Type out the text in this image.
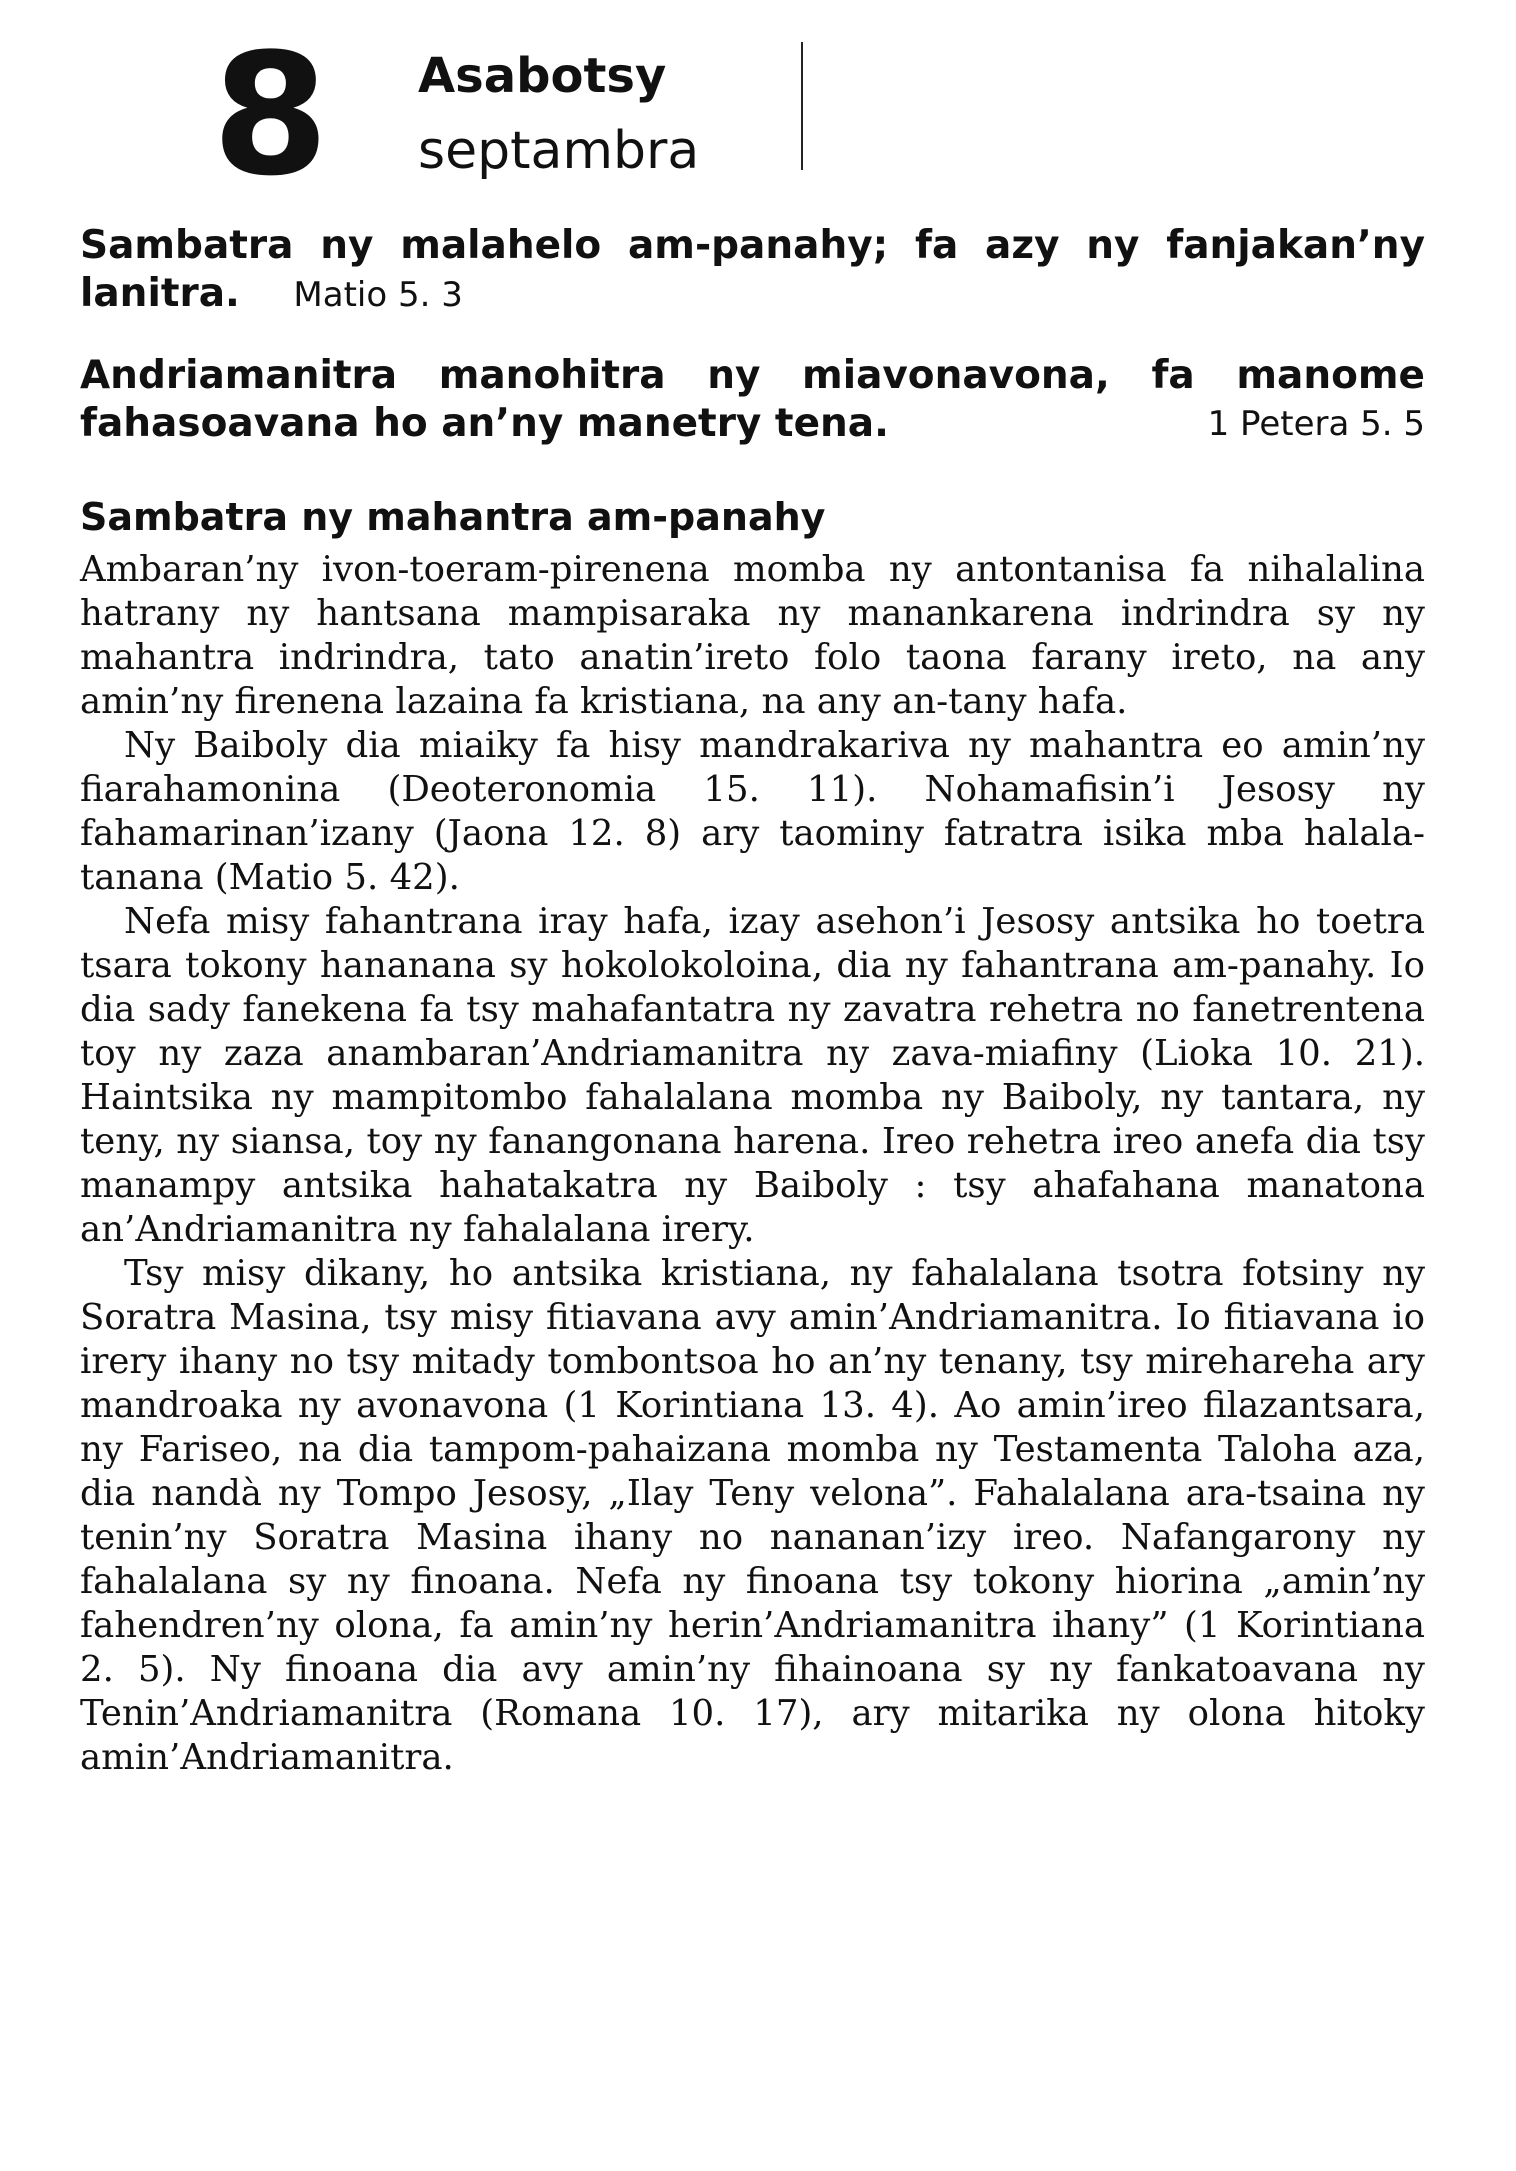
8 Asabotsy
septambra
Sambatra ny malahelo am-panahy; fa azy ny fanjakan’ny lanitra. Matio 5. 3
Andriamanitra manohitra ny miavonavona, fa manome fahasoavana ho an’ny manetry tena.	1 Petera 5. 5
Sambatra ny mahantra am-panahy

Ambaran’ny ivon-toeram-pirenena momba ny antontanisa fa nihalalina hatrany ny hantsana mampisaraka ny manankarena indrindra sy ny mahantra indrindra, tato anatin’ireto folo taona farany ireto, na any amin’ny firenena lazaina fa kristiana, na any an-tany hafa.

Ny Baiboly dia miaiky fa hisy mandrakariva ny mahantra eo amin’ny fiarahamonina (Deoteronomia 15. 11). Nohamafisin’i Jesosy ny fahamarinan’izany (Jaona 12. 8) ary taominy fatratra isika mba halala-tanana (Matio 5. 42).

Nefa misy fahantrana iray hafa, izay asehon’i Jesosy antsika ho toetra tsara tokony hananana sy hokolokoloina, dia ny fahantrana am-panahy. Io dia sady fanekena fa tsy mahafantatra ny zavatra rehetra no fanetrentena toy ny zaza anambaran’Andriamanitra ny zava-miafiny (Lioka 10. 21). Haintsika ny mampitombo fahalalana momba ny Baiboly, ny tantara, ny teny, ny siansa, toy ny fanangonana harena. Ireo rehetra ireo anefa dia tsy manampy antsika hahatakatra ny Baiboly : tsy ahafahana manatona an’Andriamanitra ny fahalalana irery.

Tsy misy dikany, ho antsika kristiana, ny fahalalana tsotra fotsiny ny Soratra Masina, tsy misy fitiavana avy amin’Andriamanitra. Io fitiavana io irery ihany no tsy mitady tombontsoa ho an’ny tenany, tsy mirehareha ary mandroaka ny avonavona (1 Korintiana 13. 4). Ao amin’ireo filazantsara, ny Fariseo, na dia tampom-pahaizana momba ny Testamenta Taloha aza, dia nandà ny Tompo Jesosy, „Ilay Teny velona”. Fahalalana ara-tsaina ny tenin’ny Soratra Masina ihany no nananan’izy ireo. Nafangarony ny fahalalana sy ny finoana. Nefa ny finoana tsy tokony hiorina „amin’ny fahendren’ny olona, fa amin’ny herin’Andriamanitra ihany” (1 Korintiana 2. 5). Ny finoana dia avy amin’ny fihainoana sy ny fankatoavana ny Tenin’Andriamanitra (Romana 10. 17), ary mitarika ny olona hitoky amin’Andriamanitra.
